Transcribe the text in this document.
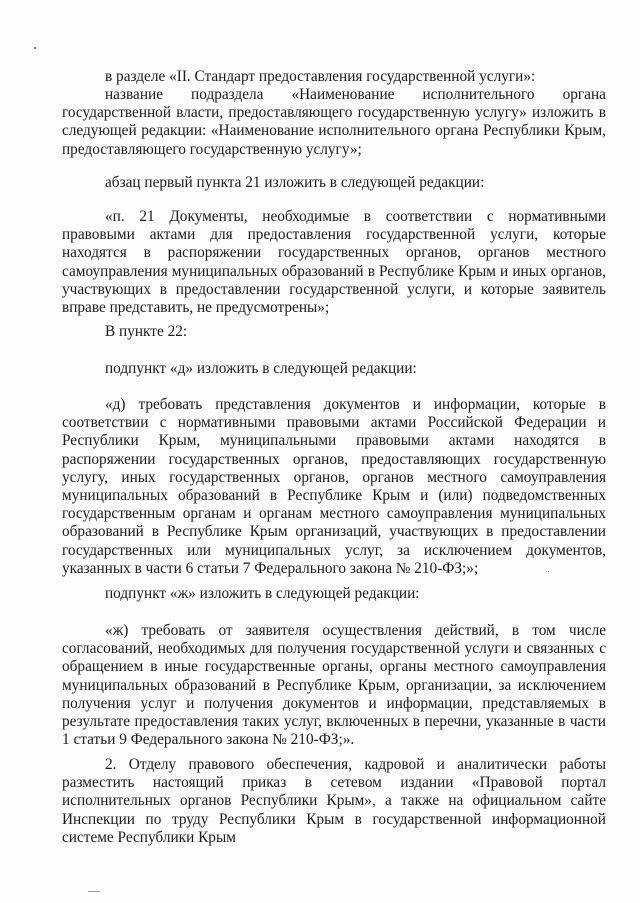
в разделе «II. Стандарт предоставления государственной услуги»:
название подраздела «Наименование исполнительного органа
государственной власти, предоставляющего государственную услугу» изложить в следующей редакции: «Наименование исполнительного органа Республики Крым, предоставляющего государственную услугу»;
абзац первый пункта 21 изложить в следующей редакции:
«п. 21 Документы, необходимые в соответствии с нормативными правовыми актами для предоставления государственной услуги, которые находятся в распоряжении государственных органов, органов местного самоуправления муниципальных образований в Республике Крым и иных органов, участвующих в предоставлении государственной услуги, и которые заявитель вправе представить, не предусмотрены»;
В пункте 22:
подпункт «д» изложить в следующей редакции:
«д) требовать представления документов и информации, которые в соответствии с нормативными правовыми актами Российской Федерации и Республики Крым, муниципальными правовыми актами находятся в распоряжении государственных органов, предоставляющих государственную услугу, иных государственных органов, органов местного самоуправления муниципальных образований в Республике Крым и (или) подведомственных государственным органам и органам местного самоуправления муниципальных образований в Республике Крым организаций, участвующих в предоставлении государственных или муниципальных услуг, за исключением документов, указанных в части 6 статьи 7 Федерального закона № 210-ФЗ;»;
подпункт «ж» изложить в следующей редакции:
«ж) требовать от заявителя осуществления действий, в том числе согласований, необходимых для получения государственной услуги и связанных с обращением в иные государственные органы, органы местного самоуправления муниципальных образований в Республике Крым, организации, за исключением получения услуг и получения документов и информации, представляемых в результате предоставления таких услуг, включенных в перечни, указанные в части 1 статьи 9 Федерального закона № 210-ФЗ;».
2. Отделу правового обеспечения, кадровой и аналитически работы разместить настоящий приказ в сетевом издании «Правовой портал исполнительных органов Республики Крым», а также на официальном сайте Инспекции по труду Республики Крым в государственной информационной системе Республики Крым
